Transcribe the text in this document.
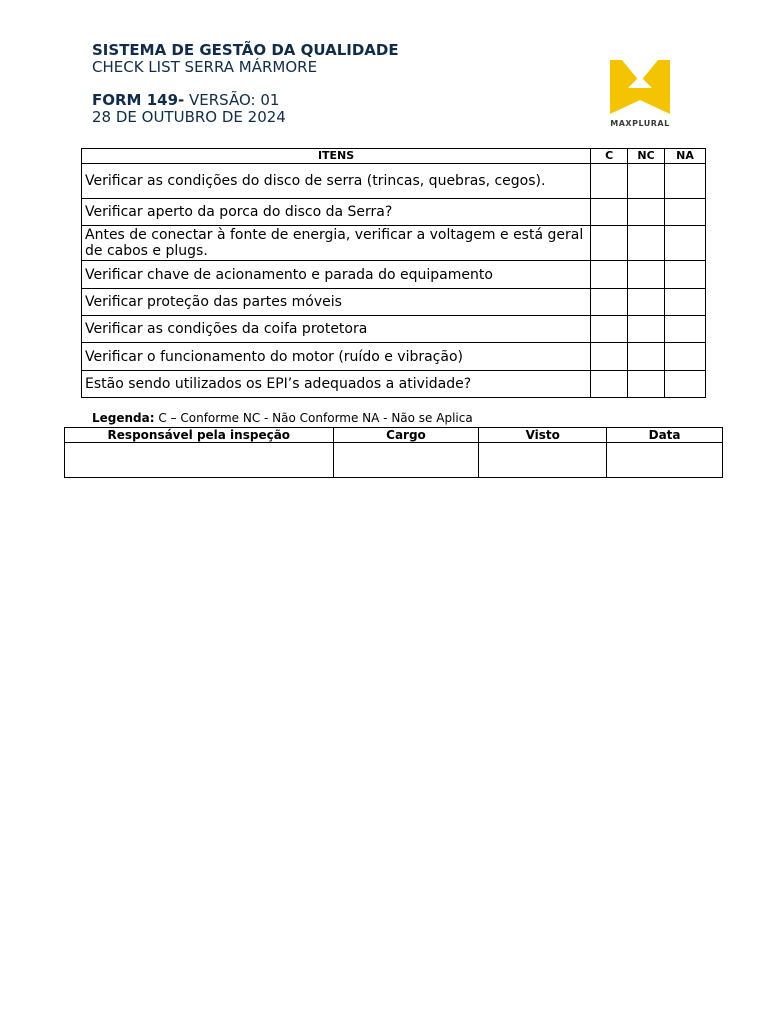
SISTEMA DE GESTÃO DA QUALIDADE
CHECK LIST SERRA MÁRMORE
FORM 149- VERSÃO: 01
28 DE OUTUBRO DE 2024	MAXPLURAL
ITENS	C	NC	NA
Verificar as condições do disco de serra (trincas, quebras, cegos).			
Verificar aperto da porca do disco da Serra?			
Antes de conectar à fonte de energia, verificar a voltagem e está geral de cabos e plugs.			
Verificar chave de acionamento e parada do equipamento			
Verificar proteção das partes móveis			
Verificar as condições da coifa protetora			
Verificar o funcionamento do motor (ruído e vibração)			
Estão sendo utilizados os EPI’s adequados a atividade?			
Legenda: C – Conforme NC - Não Conforme NA - Não se Aplica
Responsável pela inspeção	Cargo	Visto	Data
